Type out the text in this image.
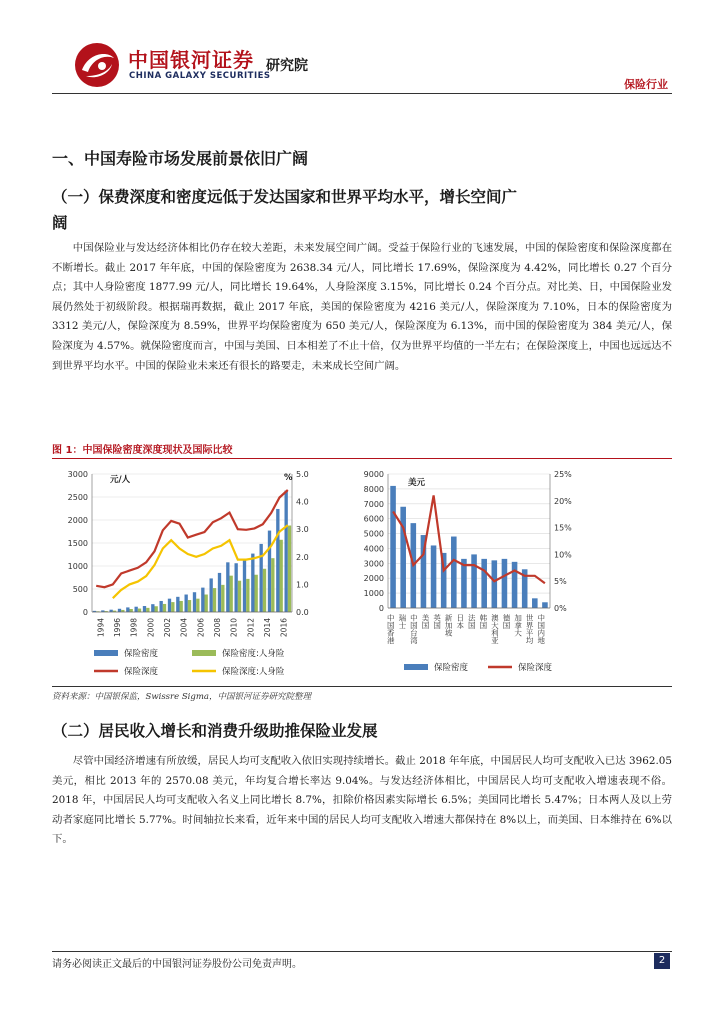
中国银河证券
CHINA GALAXY SECURITIES
研究院
保险行业
一、中国寿险市场发展前景依旧广阔
（一）保费深度和密度远低于发达国家和世界平均水平，增长空间广阔

中国保险业与发达经济体相比仍存在较大差距，未来发展空间广阔。受益于保险行业的飞速发展，中国的保险密度和保险深度都在不断增长。截止 2017 年年底，中国的保险密度为 2638.34 元/人，同比增长 17.69%，保险深度为 4.42%，同比增长 0.27 个百分点；其中人身险密度 1877.99 元/人，同比增长 19.64%，人身险深度 3.15%，同比增长 0.24 个百分点。对比美、日，中国保险业发展仍然处于初级阶段。根据瑞再数据，截止 2017 年底，美国的保险密度为 4216 美元/人，保险深度为 7.10%，日本的保险密度为 3312 美元/人，保险深度为 8.59%，世界平均保险密度为 650 美元/人，保险深度为 6.13%，而中国的保险密度为 384 美元/人，保险深度为 4.57%。就保险密度而言，中国与美国、日本相差了不止十倍，仅为世界平均值的一半左右；在保险深度上，中国也远远达不到世界平均水平。中国的保险业未来还有很长的路要走，未来成长空间广阔。

图 1：中国保险密度深度现状及国际比较
0
500
1000
1500
2000
2500
3000
0.0
1.0
2.0
3.0
4.0
5.0
元/人	%
1994 1996 1998 2000 2002 2004 2006 2008 2010 2012 2014 2016
保险密度	保险密度:人身险
保险深度	保险深度:人身险
0
1000
2000
3000
4000
5000
6000
7000
8000
9000
0%
5%
10%
15%
20%
25%
美元
中国香港 瑞士 中国台湾 美国 英国 新加坡 日本 法国 韩国 澳大利亚 德国 加拿大 世界平均 中国内地
保险密度	保险深度
资料来源：中国银保监，Swissre Sigma，中国银河证券研究院整理
（二）居民收入增长和消费升级助推保险业发展

尽管中国经济增速有所放缓，居民人均可支配收入依旧实现持续增长。截止 2018 年年底，中国居民人均可支配收入已达 3962.05 美元，相比 2013 年的 2570.08 美元，年均复合增长率达 9.04%。与发达经济体相比，中国居民人均可支配收入增速表现不俗。2018 年，中国居民人均可支配收入名义上同比增长 8.7%，扣除价格因素实际增长 6.5%；美国同比增长 5.47%；日本两人及以上劳动者家庭同比增长 5.77%。时间轴拉长来看，近年来中国的居民人均可支配收入增速大都保持在 8%以上，而美国、日本维持在 6%以下。

请务必阅读正文最后的中国银河证券股份公司免责声明。	2
